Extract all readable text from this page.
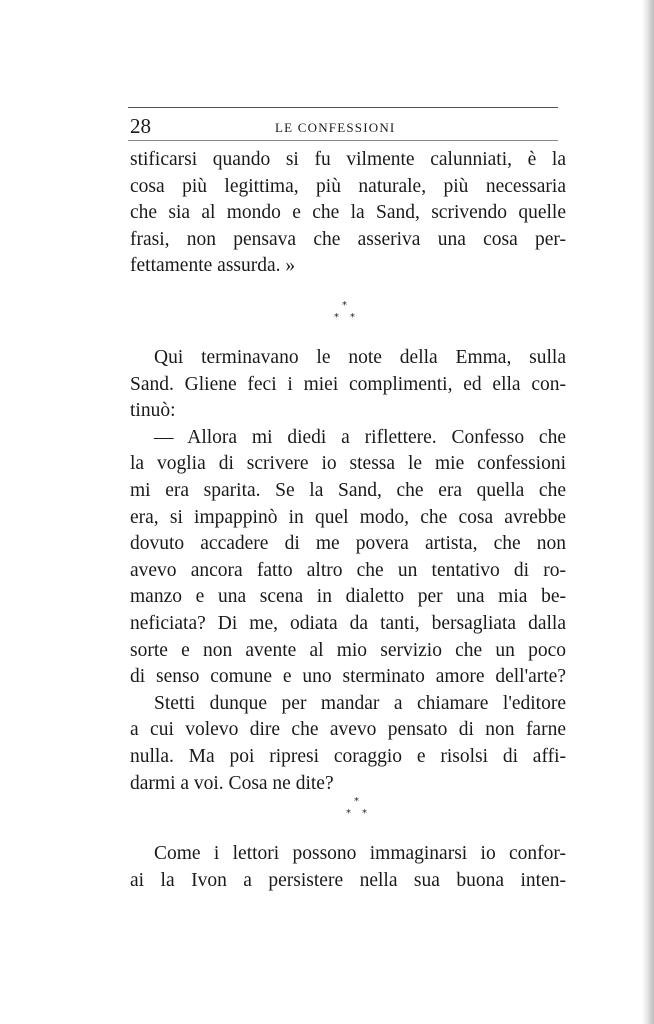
28	LE CONFESSIONI
stificarsi quando si fu vilmente calunniati, è la
cosa più legittima, più naturale, più necessaria
che sia al mondo e che la Sand, scrivendo quelle
frasi, non pensava che asseriva una cosa per-
fettamente assurda. »
*
* *
Qui terminavano le note della Emma, sulla
Sand. Gliene feci i miei complimenti, ed ella con-
tinuò:
— Allora mi diedi a riflettere. Confesso che
la voglia di scrivere io stessa le mie confessioni
mi era sparita. Se la Sand, che era quella che
era, si impappinò in quel modo, che cosa avrebbe
dovuto accadere di me povera artista, che non
avevo ancora fatto altro che un tentativo di ro-
manzo e una scena in dialetto per una mia be-
neficiata? Di me, odiata da tanti, bersagliata dalla
sorte e non avente al mio servizio che un poco
di senso comune e uno sterminato amore dell'arte?
Stetti dunque per mandar a chiamare l'editore
a cui volevo dire che avevo pensato di non farne
nulla. Ma poi ripresi coraggio e risolsi di affi-
darmi a voi. Cosa ne dite?
*
* *
Come i lettori possono immaginarsi io confor-
ai la Ivon a persistere nella sua buona inten-
